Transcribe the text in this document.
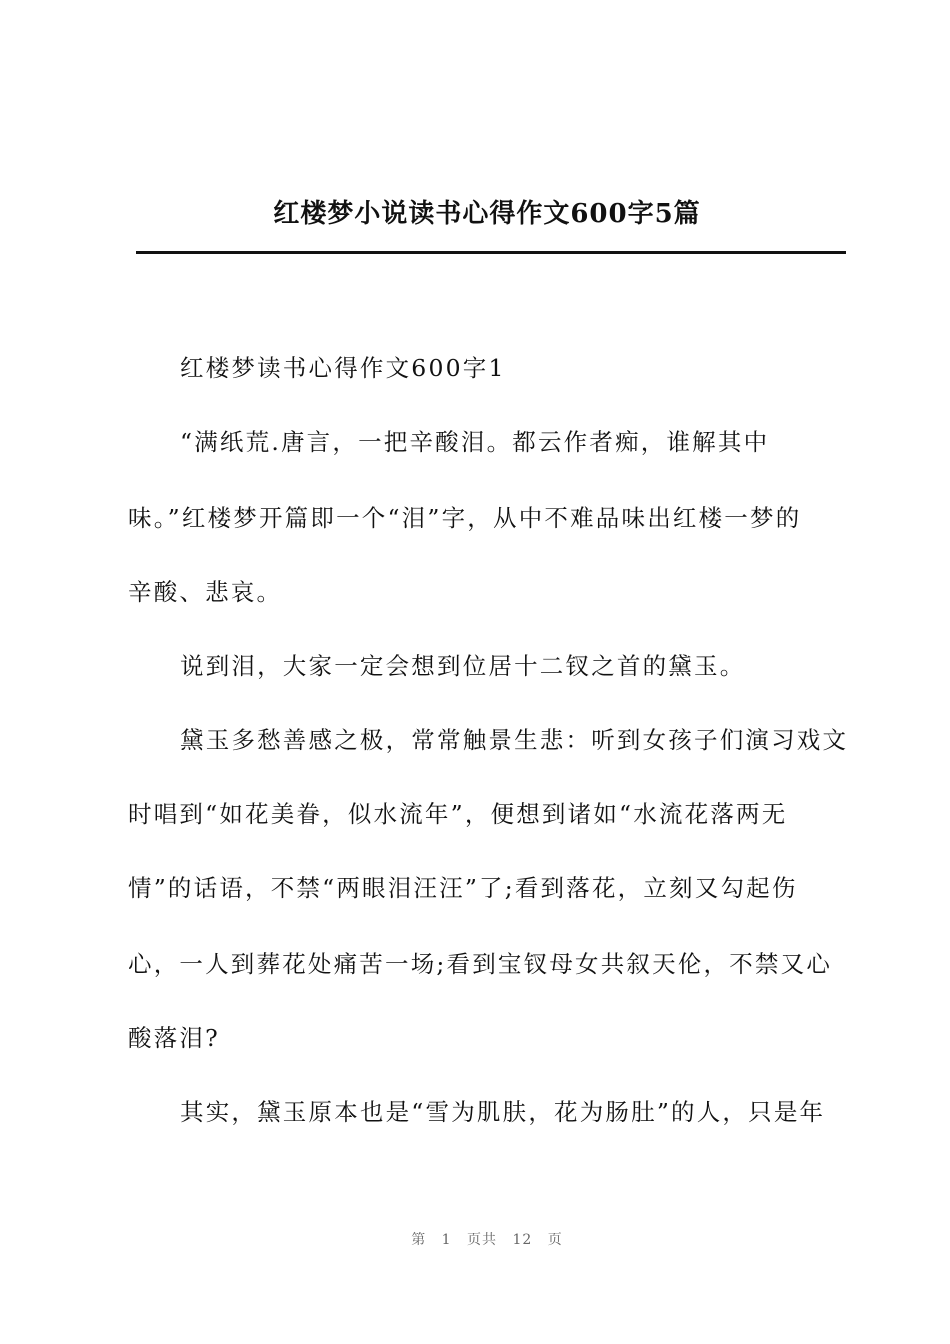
红楼梦小说读书心得作文600字5篇
红楼梦读书心得作文600字1
“满纸荒.唐言，一把辛酸泪。都云作者痴，谁解其中
味。”红楼梦开篇即一个“泪”字，从中不难品味出红楼一梦的
辛酸、悲哀。
说到泪，大家一定会想到位居十二钗之首的黛玉。
黛玉多愁善感之极，常常触景生悲：听到女孩子们演习戏文
时唱到“如花美眷，似水流年”，便想到诸如“水流花落两无
情”的话语，不禁“两眼泪汪汪”了;看到落花，立刻又勾起伤
心，一人到葬花处痛苦一场;看到宝钗母女共叙天伦，不禁又心
酸落泪?
其实，黛玉原本也是“雪为肌肤，花为肠肚”的人，只是年
第 1 页共 12 页
